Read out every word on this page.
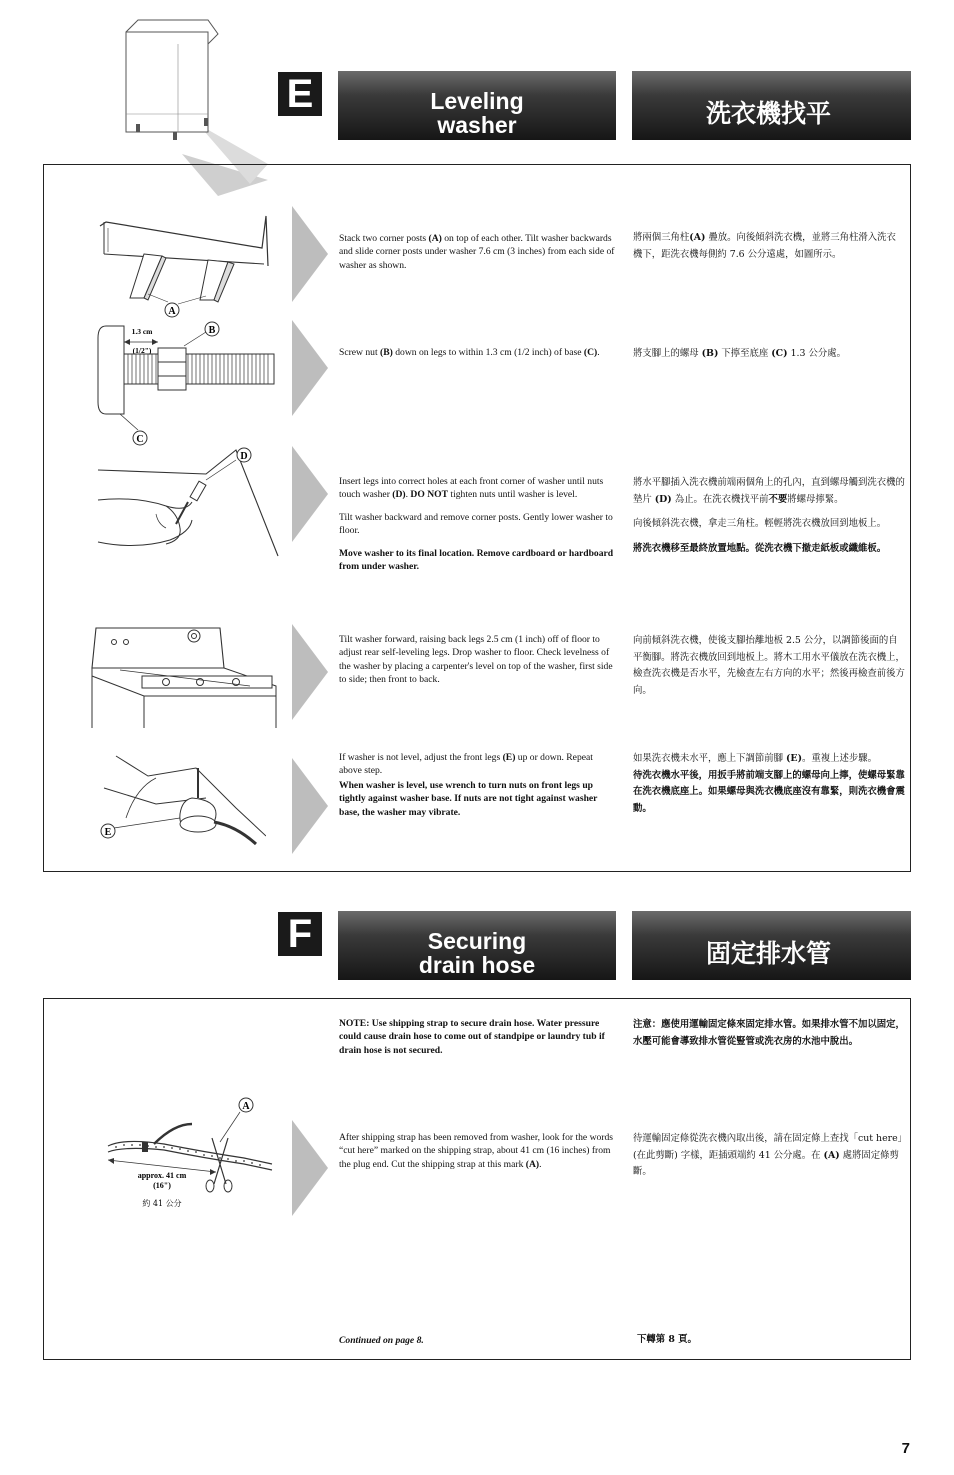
E	Leveling
washer	洗衣機找平
A
1.3 cm
(1/2")
B
C
D
E

Stack two corner posts (A) on top of each other. Tilt washer backwards and slide corner posts under washer 7.6 cm (3 inches) from each side of washer as shown.

將兩個三角柱(A) 疊放。向後傾斜洗衣機，並將三角柱滑入洗衣機下，距洗衣機每側約 7.6 公分遠處，如圖所示。

Screw nut (B) down on legs to within 1.3 cm (1/2 inch) of base (C).	將支腳上的螺母 (B) 下擰至底座 (C) 1.3 公分處。

Insert legs into correct holes at each front corner of washer until nuts touch washer (D). DO NOT tighten nuts until washer is level.

Tilt washer backward and remove corner posts. Gently lower washer to floor.

Move washer to its final location. Remove cardboard or hardboard from under washer.

將水平腳插入洗衣機前端兩個角上的孔內，直到螺母觸到洗衣機的墊片 (D) 為止。在洗衣機找平前不要將螺母擰緊。

向後傾斜洗衣機，拿走三角柱。輕輕將洗衣機放回到地板上。

將洗衣機移至最終放置地點。從洗衣機下撤走紙板或纖維板。

Tilt washer forward, raising back legs 2.5 cm (1 inch) off of floor to adjust rear self-leveling legs. Drop washer to floor. Check levelness of the washer by placing a carpenter's level on top of the washer, first side to side; then front to back.

向前傾斜洗衣機，使後支腳抬離地板 2.5 公分，以調節後面的自平衡腳。將洗衣機放回到地板上。將木工用水平儀放在洗衣機上，檢查洗衣機是否水平，先檢查左右方向的水平；然後再檢查前後方向。

If washer is not level, adjust the front legs (E) up or down. Repeat above step.

When washer is level, use wrench to turn nuts on front legs up tightly against washer base. If nuts are not tight against washer base, the washer may vibrate.

如果洗衣機未水平，應上下調節前腳 (E)。重複上述步驟。

待洗衣機水平後，用扳手將前端支腳上的螺母向上擰，使螺母緊靠在洗衣機底座上。如果螺母與洗衣機底座沒有靠緊，則洗衣機會震動。

F	Securing
drain hose	固定排水管
NOTE: Use shipping strap to secure drain hose. Water pressure could cause drain hose to come out of standpipe or laundry tub if drain hose is not secured.
注意：應使用運輸固定條來固定排水管。如果排水管不加以固定，水壓可能會導致排水管從豎管或洗衣房的水池中脫出。
A
approx. 41 cm
(16")
約 41 公分

After shipping strap has been removed from washer, look for the words “cut here” marked on the shipping strap, about 41 cm (16 inches) from the plug end. Cut the shipping strap at this mark (A).

待運輸固定條從洗衣機內取出後，請在固定條上查找「cut here」(在此剪斷) 字樣，距插頭端約 41 公分處。在 (A) 處將固定條剪斷。

Continued on page 8.	下轉第 8 頁。
7
